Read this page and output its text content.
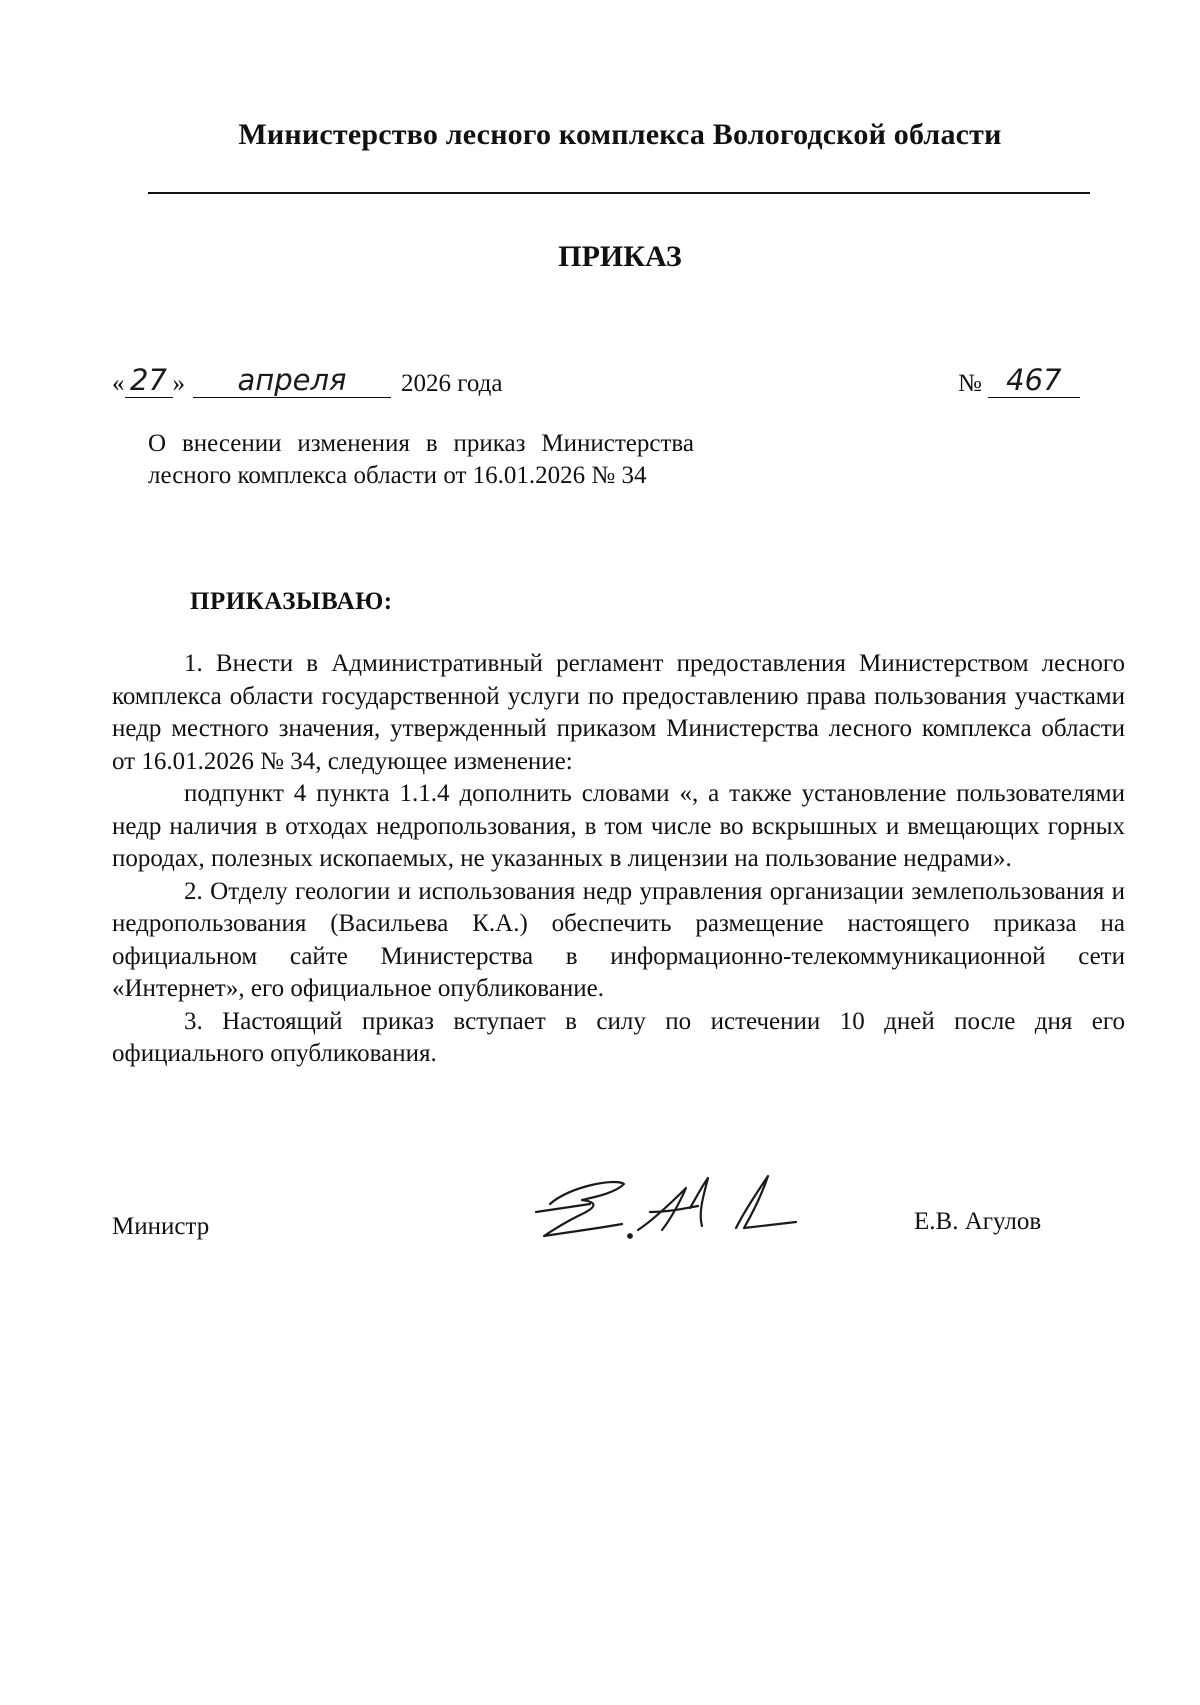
Министерство лесного комплекса Вологодской области
ПРИКАЗ
« 27 »	апреля	2026 года	№ 467
О внесении изменения в приказ Министерства лесного комплекса области от 16.01.2026 № 34
ПРИКАЗЫВАЮ:

1. Внести в Административный регламент предоставления Министерством лесного комплекса области государственной услуги по предоставлению права пользования участками недр местного значения, утвержденный приказом Министерства лесного комплекса области от 16.01.2026 № 34, следующее изменение:

подпункт 4 пункта 1.1.4 дополнить словами «, а также установление пользователями недр наличия в отходах недропользования, в том числе во вскрышных и вмещающих горных породах, полезных ископаемых, не указанных в лицензии на пользование недрами».

2. Отделу геологии и использования недр управления организации землепользования и недропользования (Васильева К.А.) обеспечить размещение настоящего приказа на официальном сайте Министерства в информационно-телекоммуникационной сети «Интернет», его официальное опубликование.

3. Настоящий приказ вступает в силу по истечении 10 дней после дня его официального опубликования.

Министр	Е.В. Агулов
